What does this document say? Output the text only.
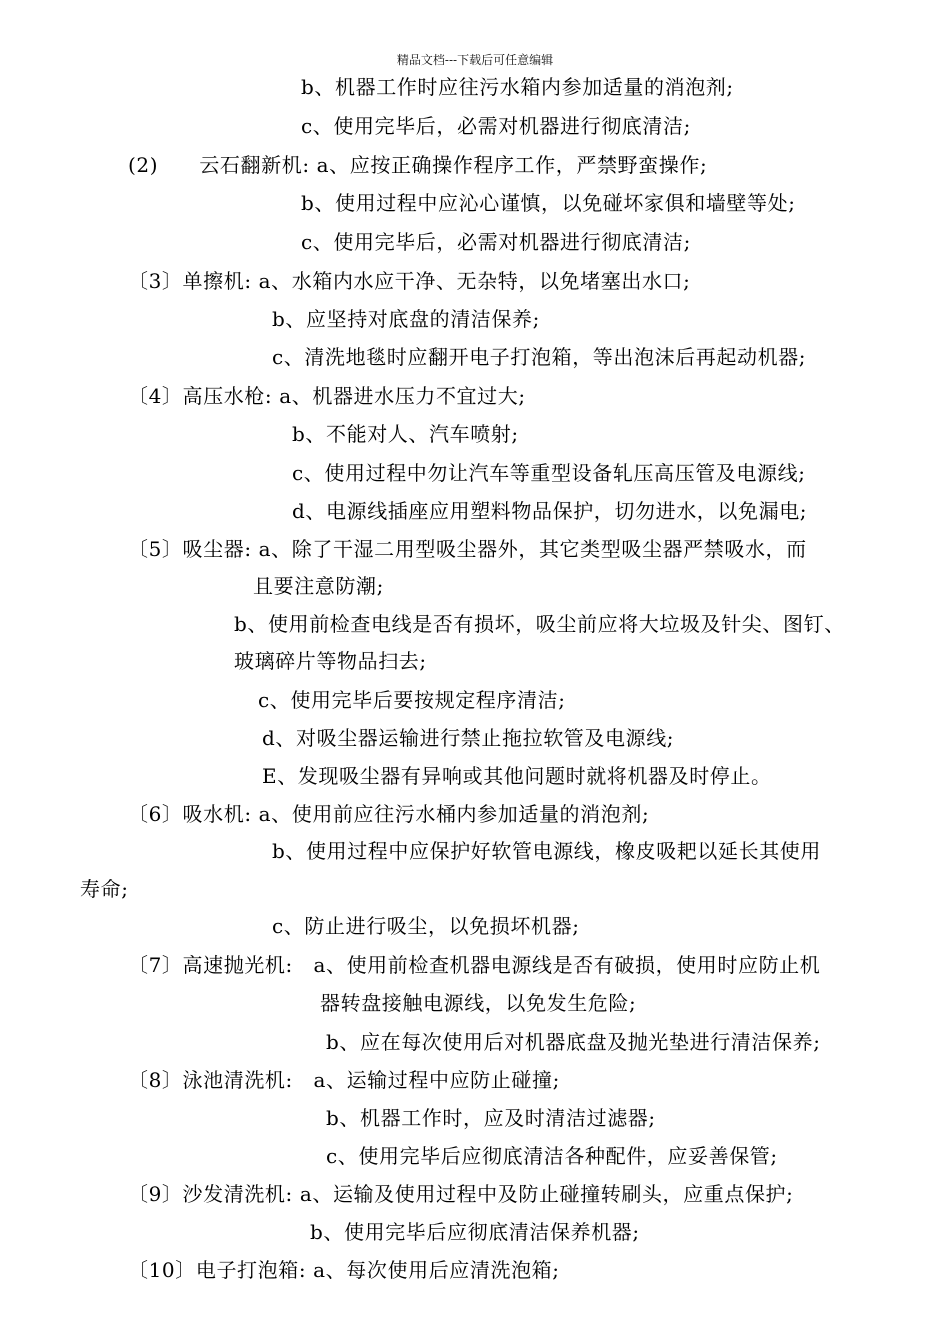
精品文档---下载后可任意编辑
b、机器工作时应往污水箱内参加适量的消泡剂;
c、使用完毕后，必需对机器进行彻底清洁;
(2)　　云石翻新机: a、应按正确操作程序工作，严禁野蛮操作;
b、使用过程中应沁心谨慎，以免碰坏家俱和墙壁等处;
c、使用完毕后，必需对机器进行彻底清洁;
〔3〕单擦机: a、水箱内水应干净、无杂特，以免堵塞出水口;
b、应坚持对底盘的清洁保养;
c、清洗地毯时应翻开电子打泡箱，等出泡沫后再起动机器;
〔4〕高压水枪: a、机器进水压力不宜过大;
b、不能对人、汽车喷射;
c、使用过程中勿让汽车等重型设备轧压高压管及电源线;
d、电源线插座应用塑料物品保护，切勿进水，以免漏电;
〔5〕吸尘器: a、除了干湿二用型吸尘器外，其它类型吸尘器严禁吸水，而
且要注意防潮;
b、使用前检查电线是否有损坏，吸尘前应将大垃圾及针尖、图钉、
玻璃碎片等物品扫去;
c、使用完毕后要按规定程序清洁;
d、对吸尘器运输进行禁止拖拉软管及电源线;
E、发现吸尘器有异响或其他问题时就将机器及时停止。
〔6〕吸水机: a、使用前应往污水桶内参加适量的消泡剂;
b、使用过程中应保护好软管电源线，橡皮吸耙以延长其使用
寿命;
c、防止进行吸尘，以免损坏机器;
〔7〕高速抛光机:　a、使用前检查机器电源线是否有破损，使用时应防止机
器转盘接触电源线，以免发生危险;
b、应在每次使用后对机器底盘及抛光垫进行清洁保养;
〔8〕泳池清洗机:　a、运输过程中应防止碰撞;
b、机器工作时，应及时清洁过滤器;
c、使用完毕后应彻底清洁各种配件，应妥善保管;
〔9〕沙发清洗机: a、运输及使用过程中及防止碰撞转刷头，应重点保护;
b、使用完毕后应彻底清洁保养机器;
〔10〕电子打泡箱: a、每次使用后应清洗泡箱;
